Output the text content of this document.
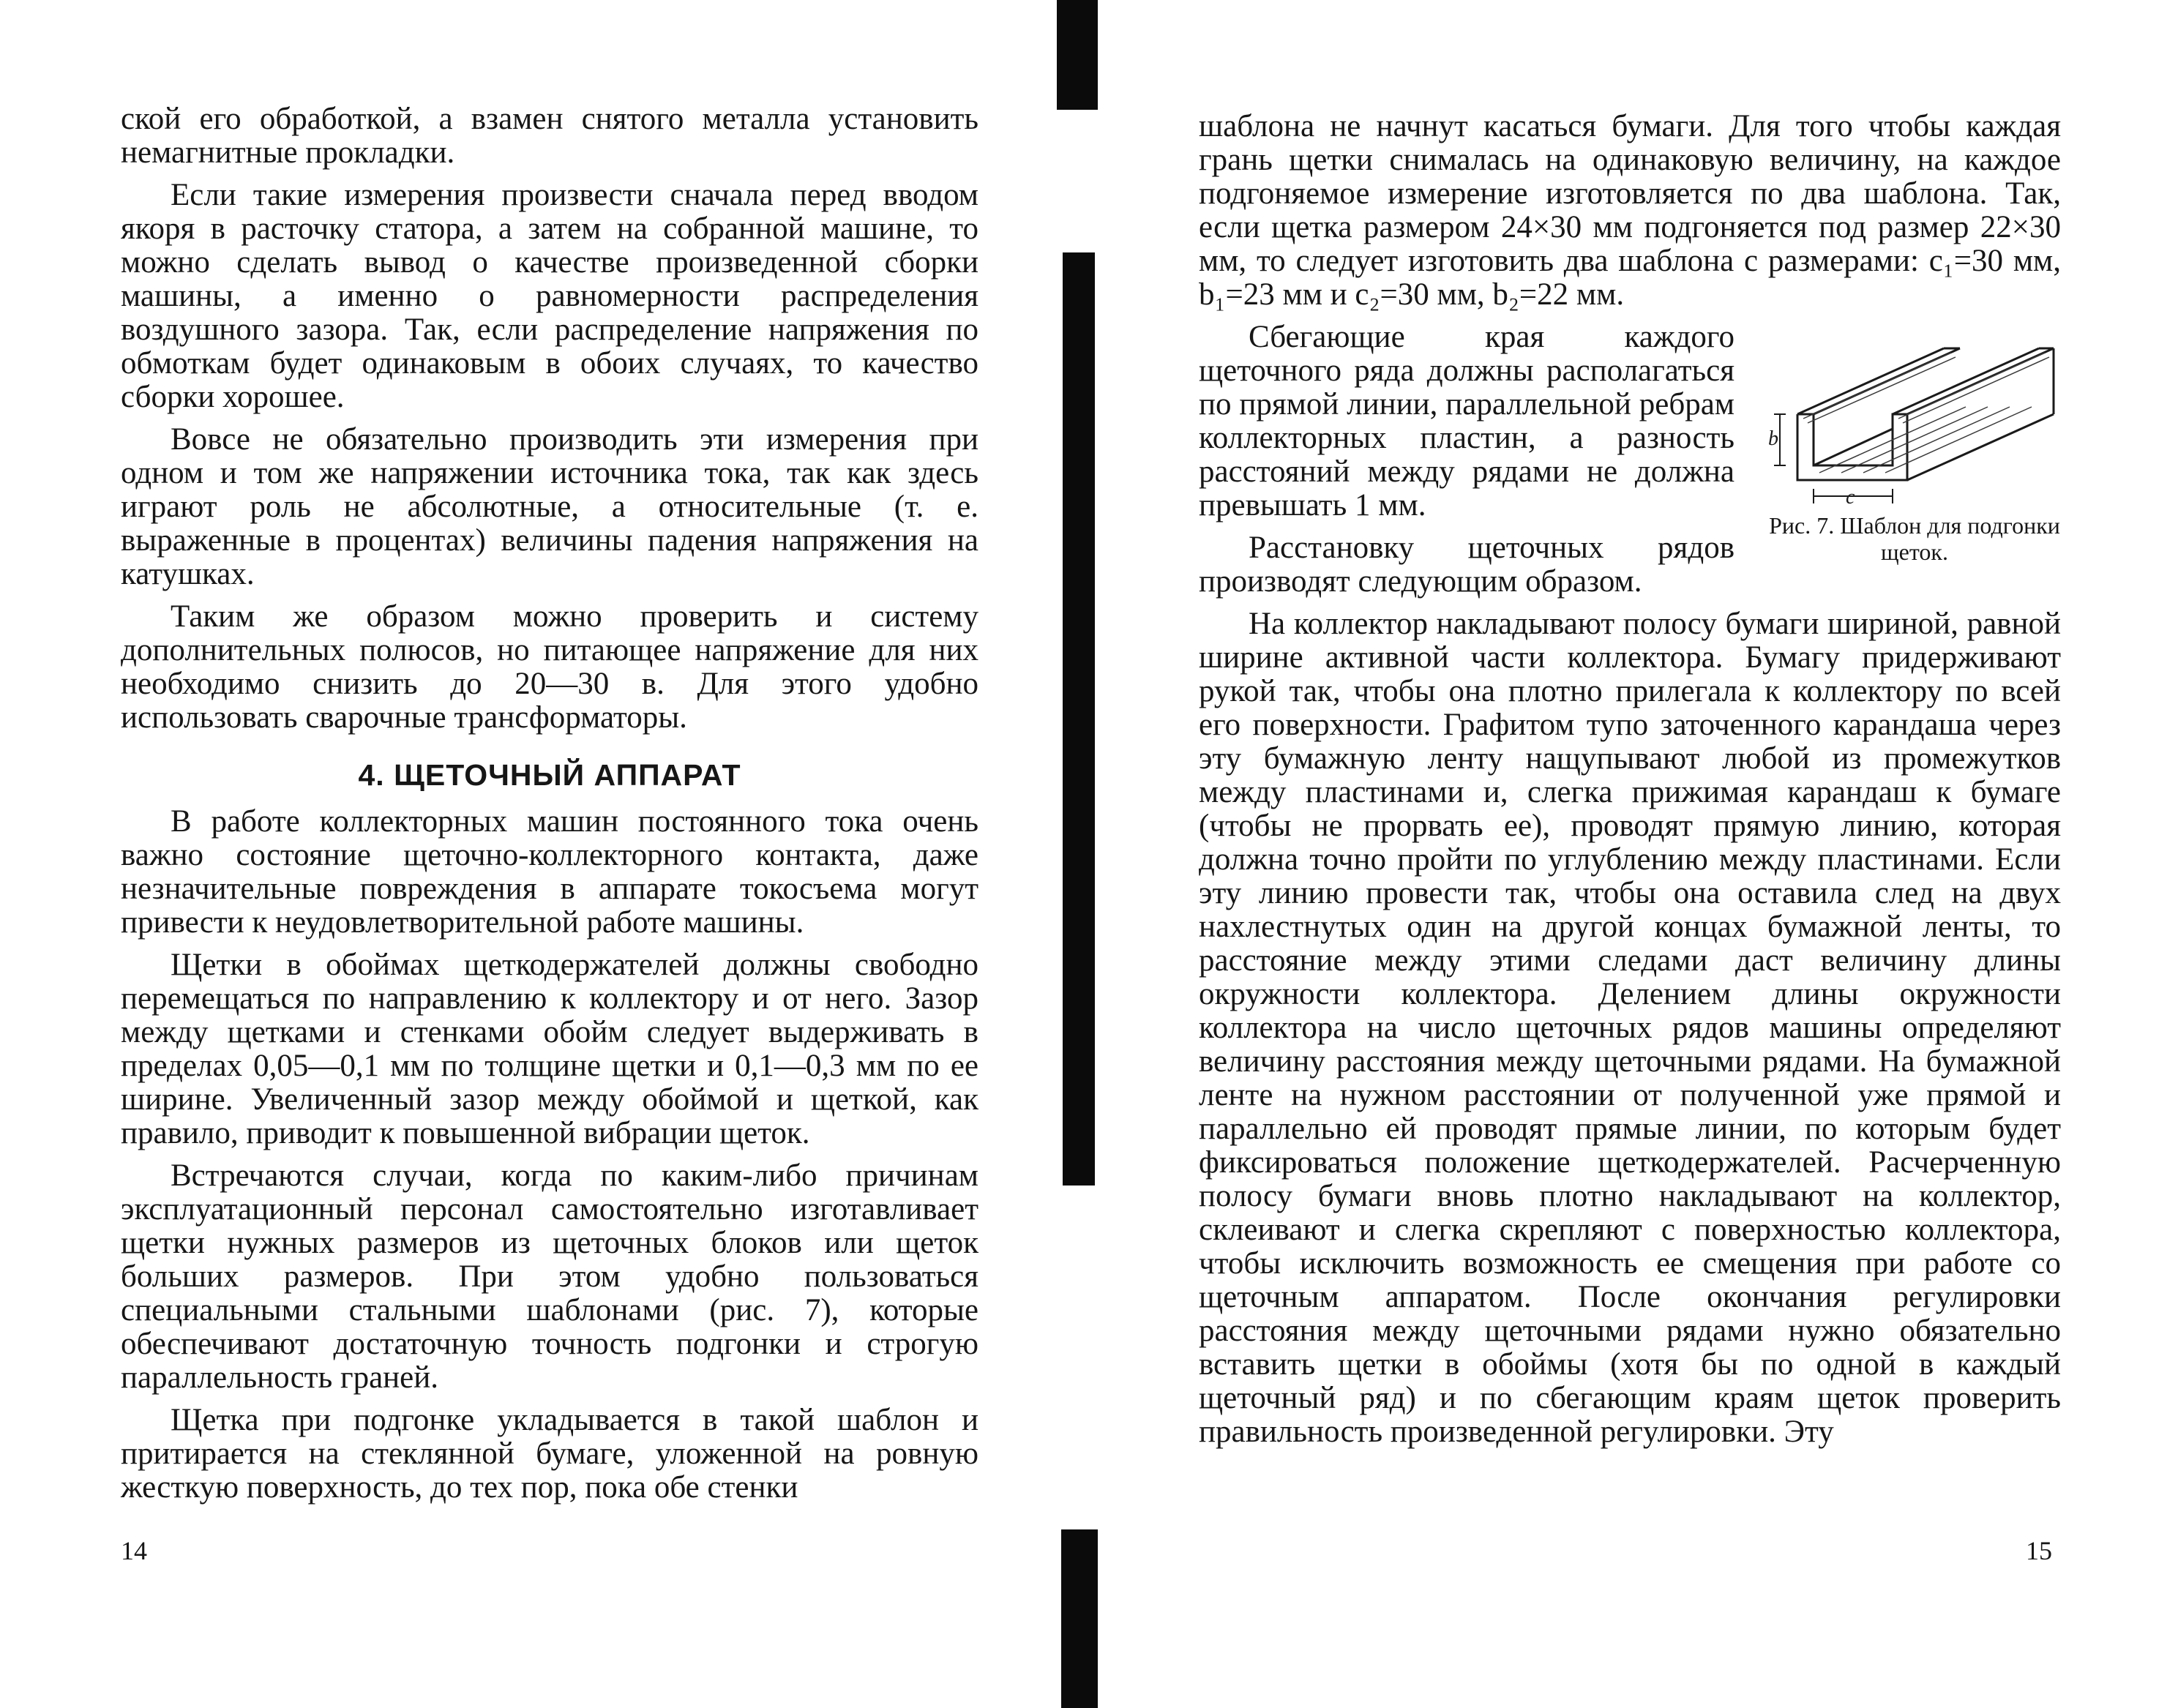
ской его обработкой, а взамен снятого металла установить немагнитные прокладки.

Если такие измерения произвести сначала перед вводом якоря в расточку статора, а затем на собранной машине, то можно сделать вывод о качестве произведенной сборки машины, а именно о равномерности распределения воздушного зазора. Так, если распределение напряжения по обмоткам будет одинаковым в обоих случаях, то качество сборки хорошее.

Вовсе не обязательно производить эти измерения при одном и том же напряжении источника тока, так как здесь играют роль не абсолютные, а относительные (т. е. выраженные в процентах) величины падения напряжения на катушках.

Таким же образом можно проверить и систему дополнительных полюсов, но питающее напряжение для них необходимо снизить до 20—30 в. Для этого удобно использовать сварочные трансформаторы.

4. ЩЕТОЧНЫЙ АППАРАТ

В работе коллекторных машин постоянного тока очень важно состояние щеточно-коллекторного контакта, даже незначительные повреждения в аппарате токосъема могут привести к неудовлетворительной работе машины.

Щетки в обоймах щеткодержателей должны свободно перемещаться по направлению к коллектору и от него. Зазор между щетками и стенками обойм следует выдерживать в пределах 0,05—0,1 мм по толщине щетки и 0,1—0,3 мм по ее ширине. Увеличенный зазор между обоймой и щеткой, как правило, приводит к повышенной вибрации щеток.

Встречаются случаи, когда по каким-либо причинам эксплуатационный персонал самостоятельно изготавливает щетки нужных размеров из щеточных блоков или щеток больших размеров. При этом удобно пользоваться специальными стальными шаблонами (рис. 7), которые обеспечивают достаточную точность подгонки и строгую параллельность граней.

Щетка при подгонке укладывается в такой шаблон и притирается на стеклянной бумаге, уложенной на ровную жесткую поверхность, до тех пор, пока обе стенки

14

шаблона не начнут касаться бумаги. Для того чтобы каждая грань щетки снималась на одинаковую величину, на каждое подгоняемое измерение изготовляется по два шаблона. Так, если щетка размером 24×30 мм подгоняется под размер 22×30 мм, то следует изготовить два шаблона с размерами: c₁=30 мм, b₁=23 мм и c₂=30 мм, b₂=22 мм.

b
c
Рис. 7. Шаблон для подгонки щеток.

Сбегающие края каждого щеточного ряда должны располагаться по прямой линии, параллельной ребрам коллекторных пластин, а разность расстояний между рядами не должна превышать 1 мм.

Расстановку щеточных рядов производят следующим образом.

На коллектор накладывают полосу бумаги шириной, равной ширине активной части коллектора. Бумагу придерживают рукой так, чтобы она плотно прилегала к коллектору по всей его поверхности. Графитом тупо заточенного карандаша через эту бумажную ленту нащупывают любой из промежутков между пластинами и, слегка прижимая карандаш к бумаге (чтобы не прорвать ее), проводят прямую линию, которая должна точно пройти по углублению между пластинами. Если эту линию провести так, чтобы она оставила след на двух нахлестнутых один на другой концах бумажной ленты, то расстояние между этими следами даст величину длины окружности коллектора. Делением длины окружности коллектора на число щеточных рядов машины определяют величину расстояния между щеточными рядами. На бумажной ленте на нужном расстоянии от полученной уже прямой и параллельно ей проводят прямые линии, по которым будет фиксироваться положение щеткодержателей. Расчерченную полосу бумаги вновь плотно накладывают на коллектор, склеивают и слегка скрепляют с поверхностью коллектора, чтобы исключить возможность ее смещения при работе со щеточным аппаратом. После окончания регулировки расстояния между щеточными рядами нужно обязательно вставить щетки в обоймы (хотя бы по одной в каждый щеточный ряд) и по сбегающим краям щеток проверить правильность произведенной регулировки. Эту

15
